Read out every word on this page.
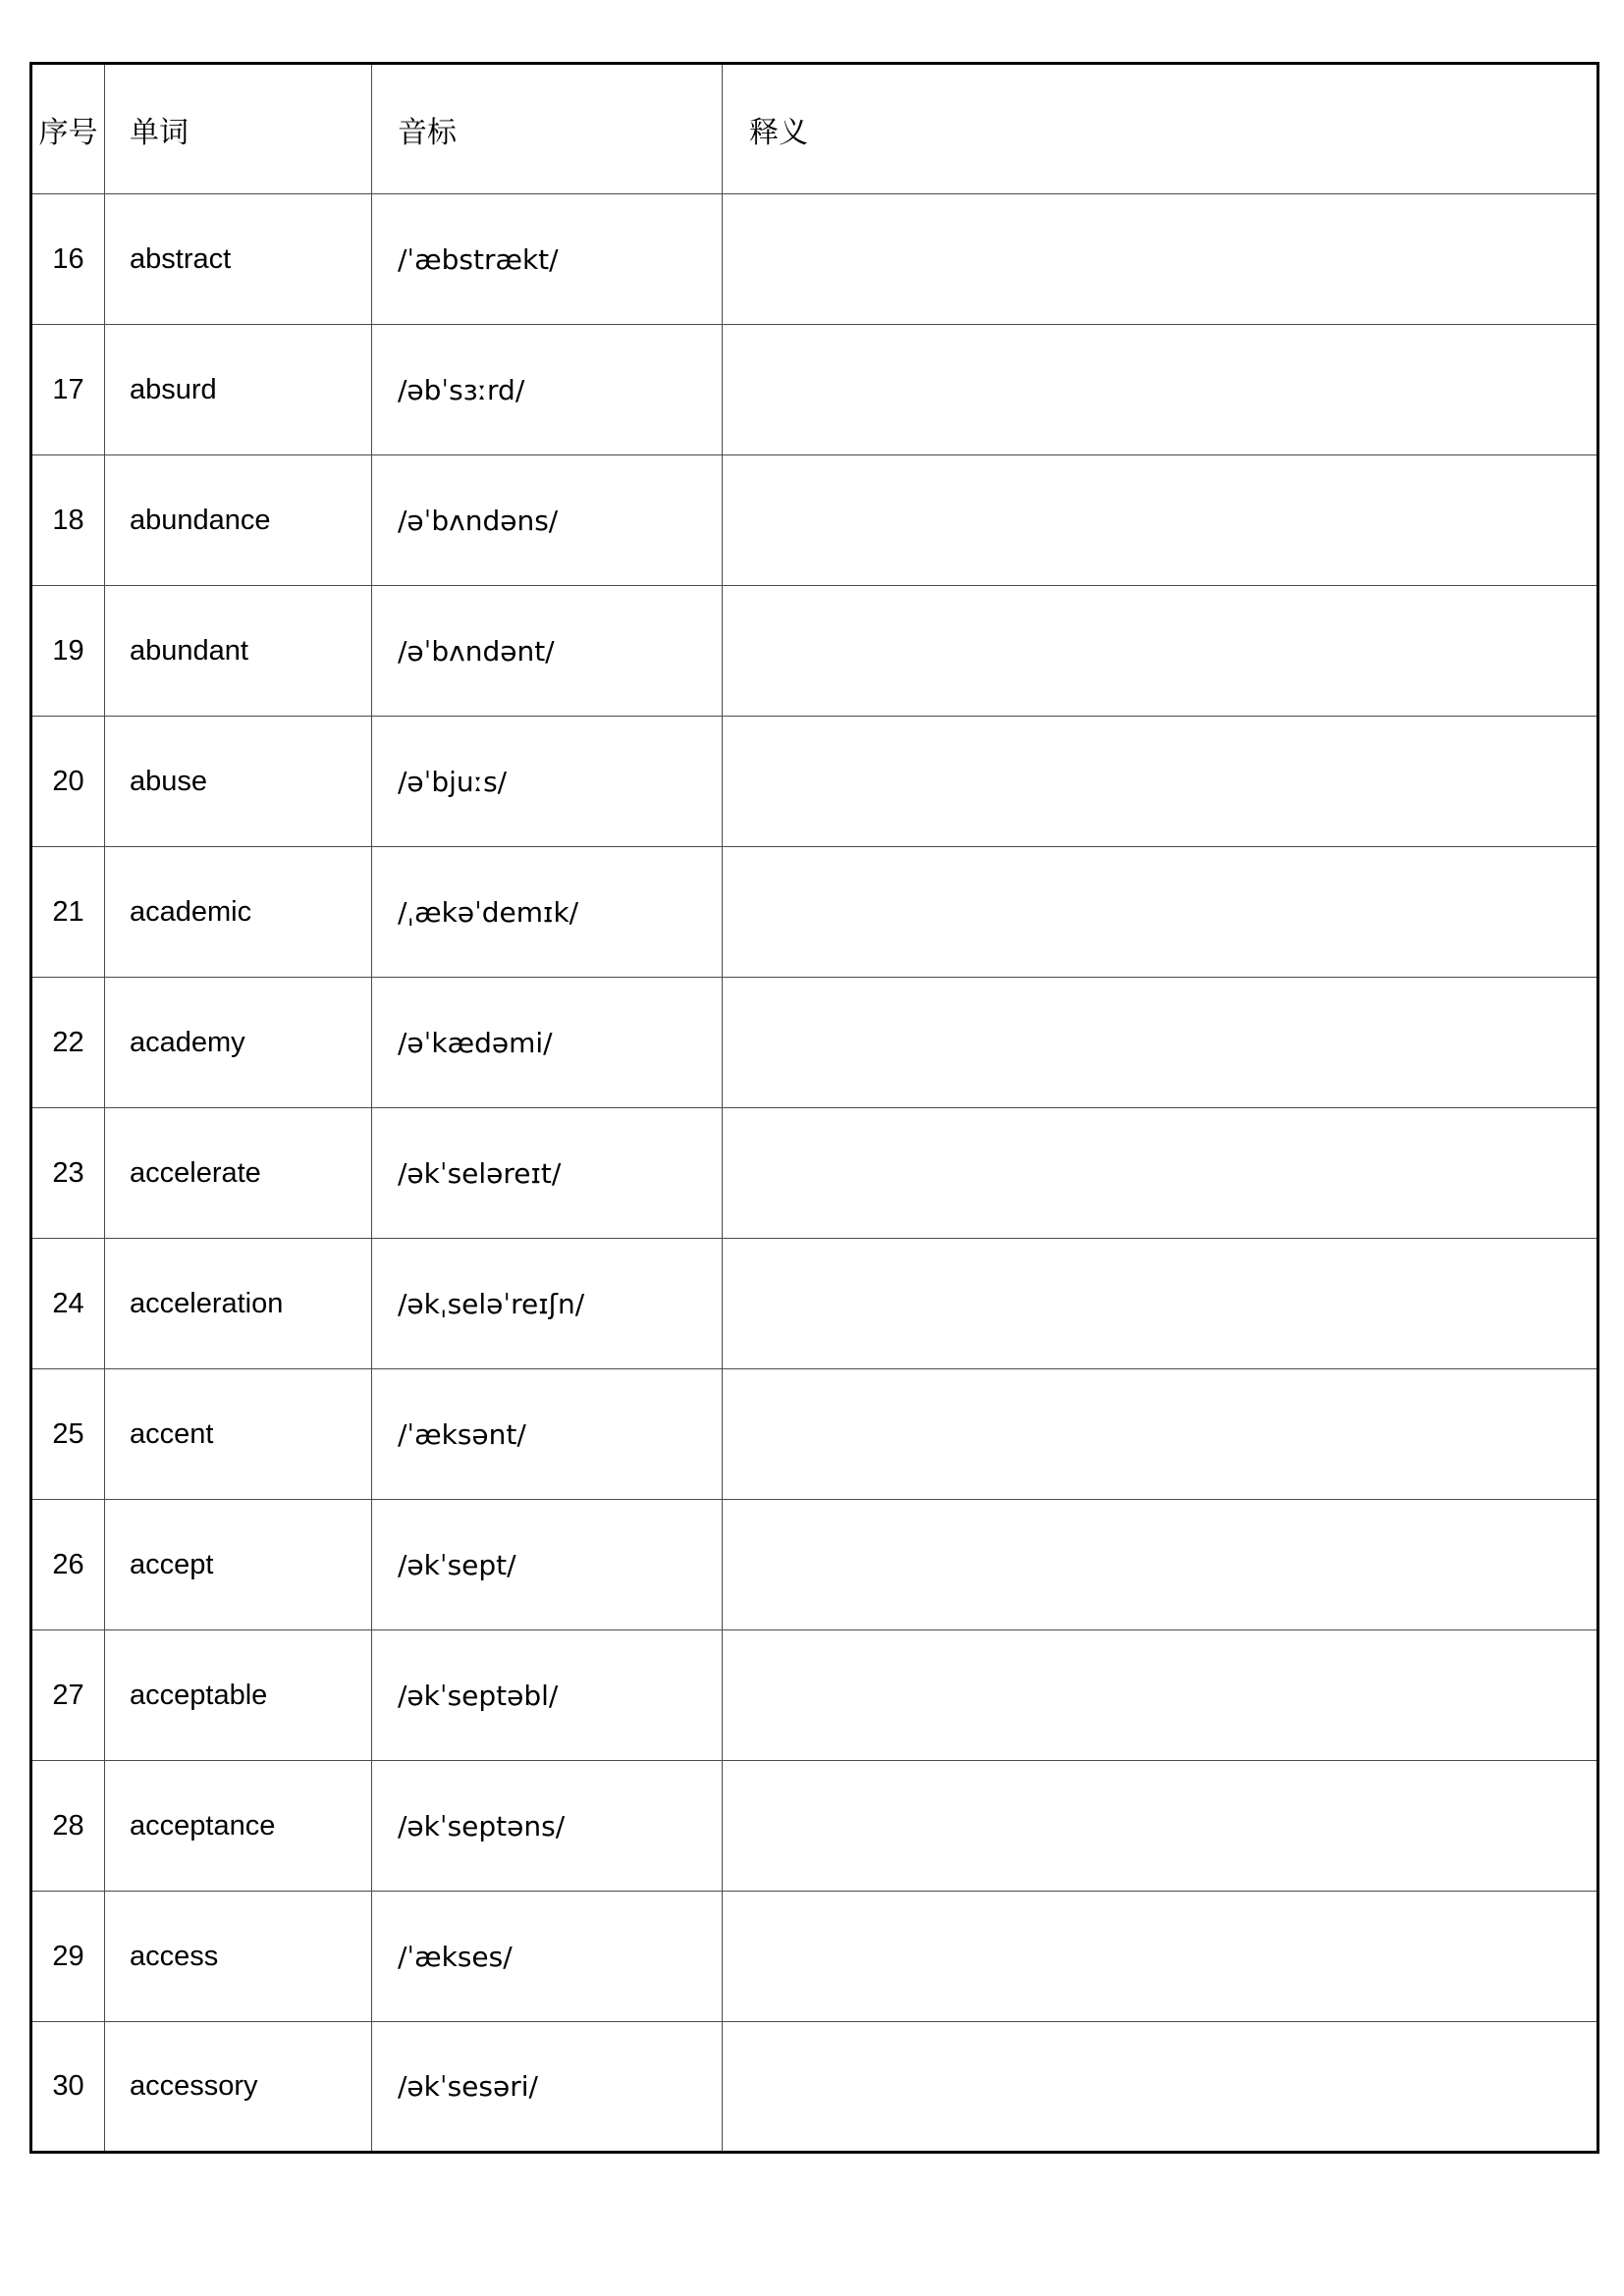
序号	单词	音标	释义
16	abstract	/ˈæbstrækt/	
17	absurd	/əbˈsɜːrd/	
18	abundance	/əˈbʌndəns/	
19	abundant	/əˈbʌndənt/	
20	abuse	/əˈbjuːs/	
21	academic	/ˌækəˈdemɪk/	
22	academy	/əˈkædəmi/	
23	accelerate	/əkˈseləreɪt/	
24	acceleration	/əkˌseləˈreɪʃn/	
25	accent	/ˈæksənt/	
26	accept	/əkˈsept/	
27	acceptable	/əkˈseptəbl/	
28	acceptance	/əkˈseptəns/	
29	access	/ˈækses/	
30	accessory	/əkˈsesəri/	
